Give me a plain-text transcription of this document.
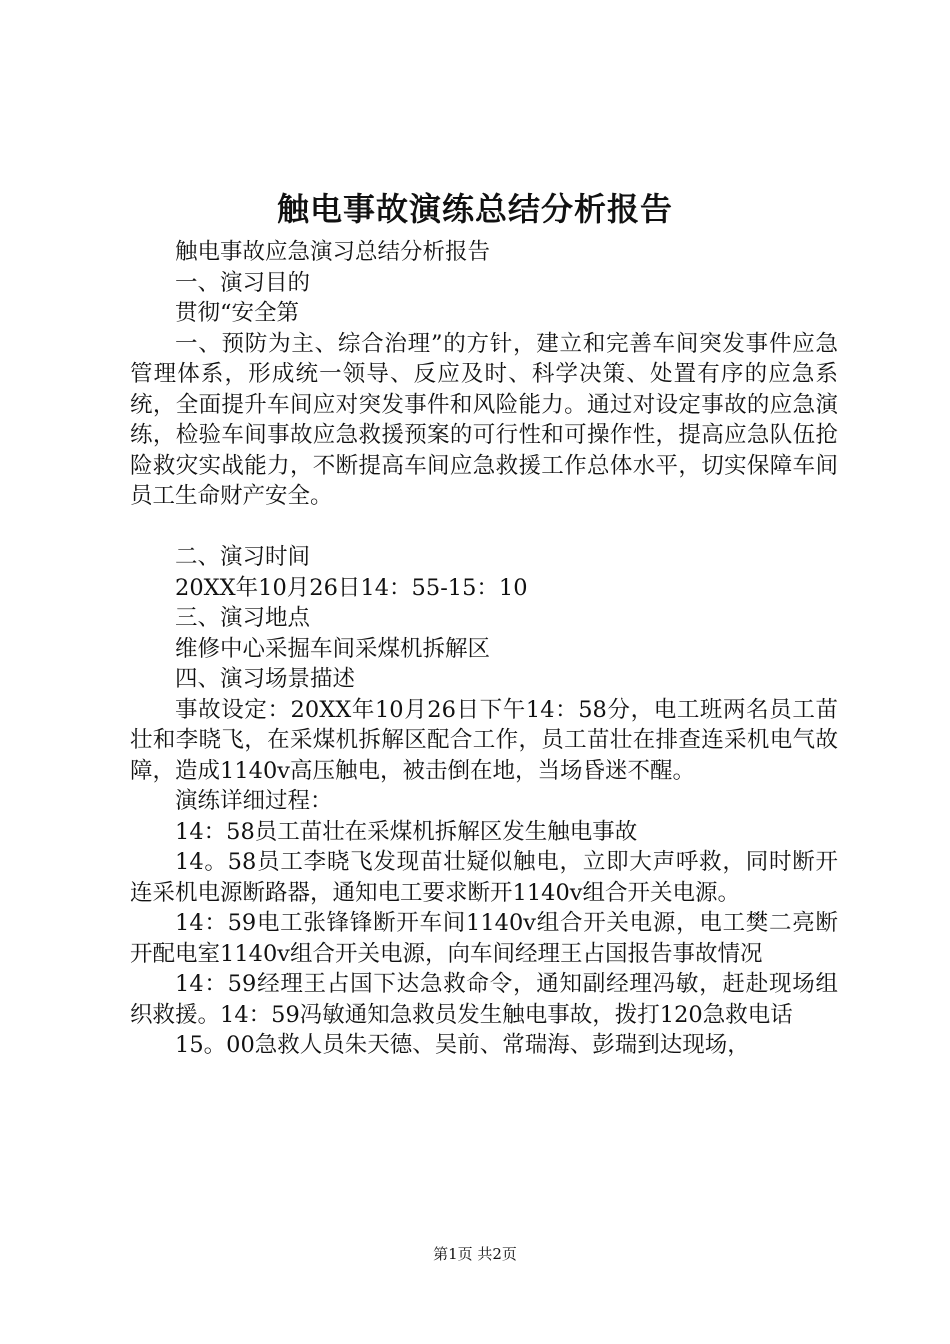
触电事故演练总结分析报告

触电事故应急演习总结分析报告

一、演习目的

贯彻“安全第

一、预防为主、综合治理”的方针，建立和完善车间突发事件应急管理体系，形成统一领导、反应及时、科学决策、处置有序的应急系统，全面提升车间应对突发事件和风险能力。通过对设定事故的应急演练，检验车间事故应急救援预案的可行性和可操作性，提高应急队伍抢险救灾实战能力，不断提高车间应急救援工作总体水平，切实保障车间员工生命财产安全。

二、演习时间

20XX年10月26日14：55-15：10

三、演习地点

维修中心采掘车间采煤机拆解区

四、演习场景描述

事故设定：20XX年10月26日下午14：58分，电工班两名员工苗壮和李晓飞，在采煤机拆解区配合工作，员工苗壮在排查连采机电气故障，造成1140v高压触电，被击倒在地，当场昏迷不醒。

演练详细过程：

14：58员工苗壮在采煤机拆解区发生触电事故

14。58员工李晓飞发现苗壮疑似触电，立即大声呼救，同时断开连采机电源断路器，通知电工要求断开1140v组合开关电源。

14：59电工张锋锋断开车间1140v组合开关电源，电工樊二亮断开配电室1140v组合开关电源，向车间经理王占国报告事故情况

14：59经理王占国下达急救命令，通知副经理冯敏，赶赴现场组织救援。14：59冯敏通知急救员发生触电事故，拨打120急救电话

15。00急救人员朱天德、吴前、常瑞海、彭瑞到达现场，

第1页 共2页
